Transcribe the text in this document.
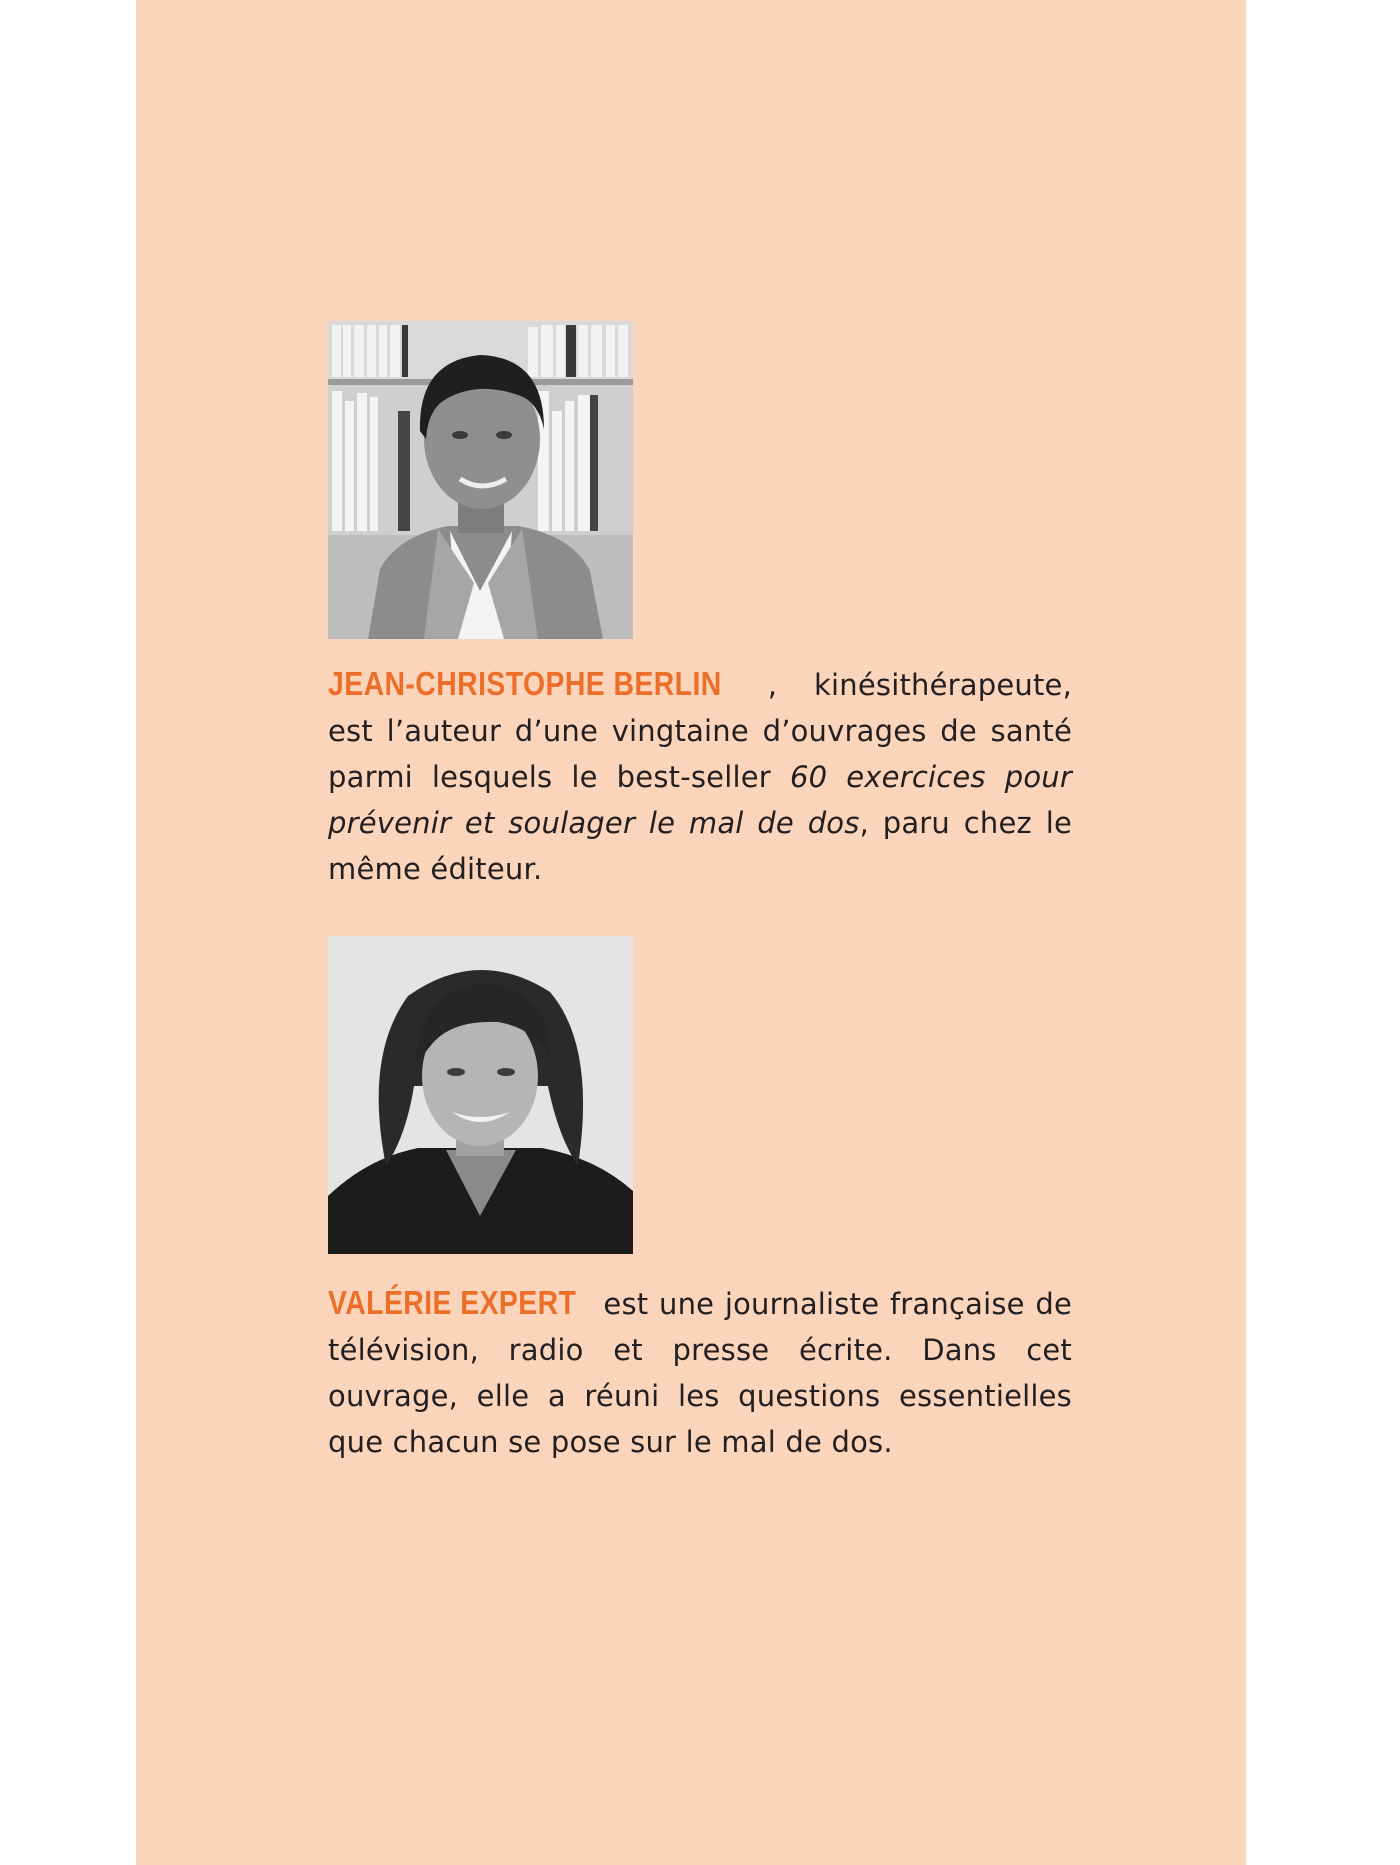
JEAN-CHRISTOPHE BERLIN , kinésithérapeute, est l’auteur d’une vingtaine d’ouvrages de santé parmi lesquels le best-seller 60 exercices pour prévenir et soulager le mal de dos, paru chez le même éditeur.

VALÉRIE EXPERT est une journaliste française de télévision, radio et presse écrite. Dans cet ouvrage, elle a réuni les questions essentielles que chacun se pose sur le mal de dos.
